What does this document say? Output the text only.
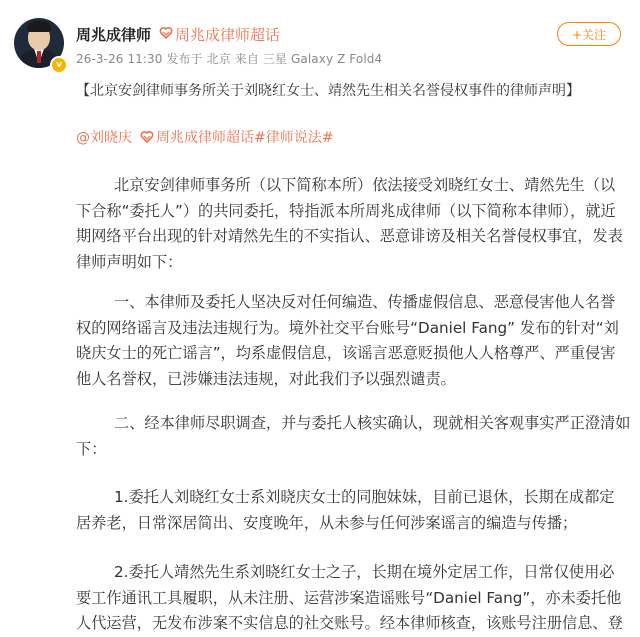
v
周兆成律师 周兆成律师超话
26-3-26 11:30 发布于 北京 来自 三星 Galaxy Z Fold4
+关注
【北京安剑律师事务所关于刘晓红女士、靖然先生相关名誉侵权事件的律师声明】
@刘晓庆 周兆成律师超话#律师说法#
北京安剑律师事务所（以下简称本所）依法接受刘晓红女士、靖然先生（以
下合称“委托人”）的共同委托，特指派本所周兆成律师（以下简称本律师），就近
期网络平台出现的针对靖然先生的不实指认、恶意诽谤及相关名誉侵权事宜，发表
律师声明如下：
一、本律师及委托人坚决反对任何编造、传播虚假信息、恶意侵害他人名誉
权的网络谣言及违法违规行为。境外社交平台账号“Daniel Fang” 发布的针对“刘
晓庆女士的死亡谣言”，均系虚假信息，该谣言恶意贬损他人人格尊严、严重侵害
他人名誉权，已涉嫌违法违规，对此我们予以强烈谴责。
二、经本律师尽职调查，并与委托人核实确认，现就相关客观事实严正澄清如
下：
1.委托人刘晓红女士系刘晓庆女士的同胞妹妹，目前已退休，长期在成都定
居养老，日常深居简出、安度晚年，从未参与任何涉案谣言的编造与传播；
2.委托人靖然先生系刘晓红女士之子，长期在境外定居工作，日常仅使用必
要工作通讯工具履职，从未注册、运营涉案造谣账号“Daniel Fang”，亦未委托他
人代运营，无发布涉案不实信息的社交账号。经本律师核查，该账号注册信息、登
